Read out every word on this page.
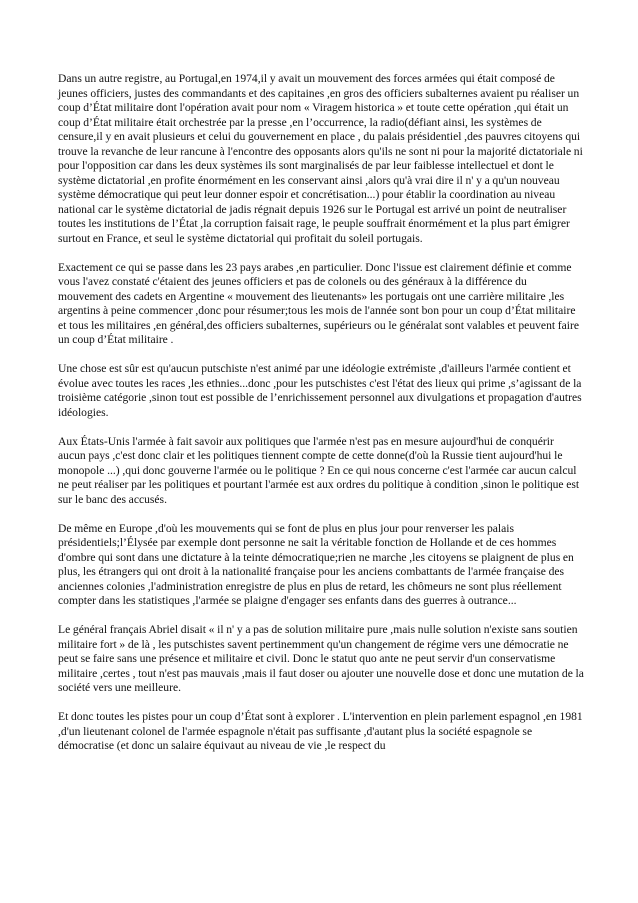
Dans un autre registre, au Portugal,en 1974,il y avait un mouvement des forces armées qui était composé de jeunes officiers, justes des commandants et des capitaines ,en gros des officiers subalternes avaient pu réaliser un coup d’État militaire dont l'opération avait pour nom « Viragem historica » et toute cette opération ,qui était un coup d’État militaire était orchestrée par la presse ,en l’occurrence, la radio(défiant ainsi, les systèmes de censure,il y en avait plusieurs et celui du gouvernement en place , du palais présidentiel ,des pauvres citoyens qui trouve la revanche de leur rancune à l'encontre des opposants alors qu'ils ne sont ni pour la majorité dictatoriale ni pour l'opposition car dans les deux systèmes ils sont marginalisés de par leur faiblesse intellectuel et dont le système dictatorial ,en profite énormément en les conservant ainsi ,alors qu'à vrai dire il n' y a qu'un nouveau système démocratique qui peut leur donner espoir et concrétisation...) pour établir la coordination au niveau national car le système dictatorial de jadis régnait depuis 1926 sur le Portugal est arrivé un point de neutraliser toutes les institutions de l’État ,la corruption faisait rage, le peuple souffrait énormément et la plus part émigrer surtout en France, et seul le système dictatorial qui profitait du soleil portugais.

Exactement ce qui se passe dans les 23 pays arabes ,en particulier. Donc l'issue est clairement définie et comme vous l'avez constaté c'étaient des jeunes officiers et pas de colonels ou des généraux à la différence du mouvement des cadets en Argentine « mouvement des lieutenants» les portugais ont une carrière militaire ,les argentins à peine commencer ,donc pour résumer;tous les mois de l'année sont bon pour un coup d’État militaire et tous les militaires ,en général,des officiers subalternes, supérieurs ou le généralat sont valables et peuvent faire un coup d’État militaire .

Une chose est sûr est qu'aucun putschiste n'est animé par une idéologie extrémiste ,d'ailleurs l'armée contient et évolue avec toutes les races ,les ethnies...donc ,pour les putschistes c'est l'état des lieux qui prime ,s’agissant de la troisième catégorie ,sinon tout est possible de l’enrichissement personnel aux divulgations et propagation d'autres idéologies.

Aux États-Unis l'armée à fait savoir aux politiques que l'armée n'est pas en mesure aujourd'hui de conquérir aucun pays ,c'est donc clair et les politiques tiennent compte de cette donne(d'où la Russie tient aujourd'hui le monopole ...) ,qui donc gouverne l'armée ou le politique ? En ce qui nous concerne c'est l'armée car aucun calcul ne peut réaliser par les politiques et pourtant l'armée est aux ordres du politique à condition ,sinon le politique est sur le banc des accusés.

De même en Europe ,d'où les mouvements qui se font de plus en plus jour pour renverser les palais présidentiels;l’Élysée par exemple dont personne ne sait la véritable fonction de Hollande et de ces hommes d'ombre qui sont dans une dictature à la teinte démocratique;rien ne marche ,les citoyens se plaignent de plus en plus, les étrangers qui ont droit à la nationalité française pour les anciens combattants de l'armée française des anciennes colonies ,l'administration enregistre de plus en plus de retard, les chômeurs ne sont plus réellement compter dans les statistiques ,l'armée se plaigne d'engager ses enfants dans des guerres à outrance...

Le général français Abriel disait « il n' y a pas de solution militaire pure ,mais nulle solution n'existe sans soutien militaire fort » de là , les putschistes savent pertinemment qu'un changement de régime vers une démocratie ne peut se faire sans une présence et militaire et civil. Donc le statut quo ante ne peut servir d'un conservatisme militaire ,certes , tout n'est pas mauvais ,mais il faut doser ou ajouter une nouvelle dose et donc une mutation de la société vers une meilleure.

Et donc toutes les pistes pour un coup d’État sont à explorer . L'intervention en plein parlement espagnol ,en 1981 ,d'un lieutenant colonel de l'armée espagnole n'était pas suffisante ,d'autant plus la société espagnole se démocratise (et donc un salaire équivaut au niveau de vie ,le respect du
